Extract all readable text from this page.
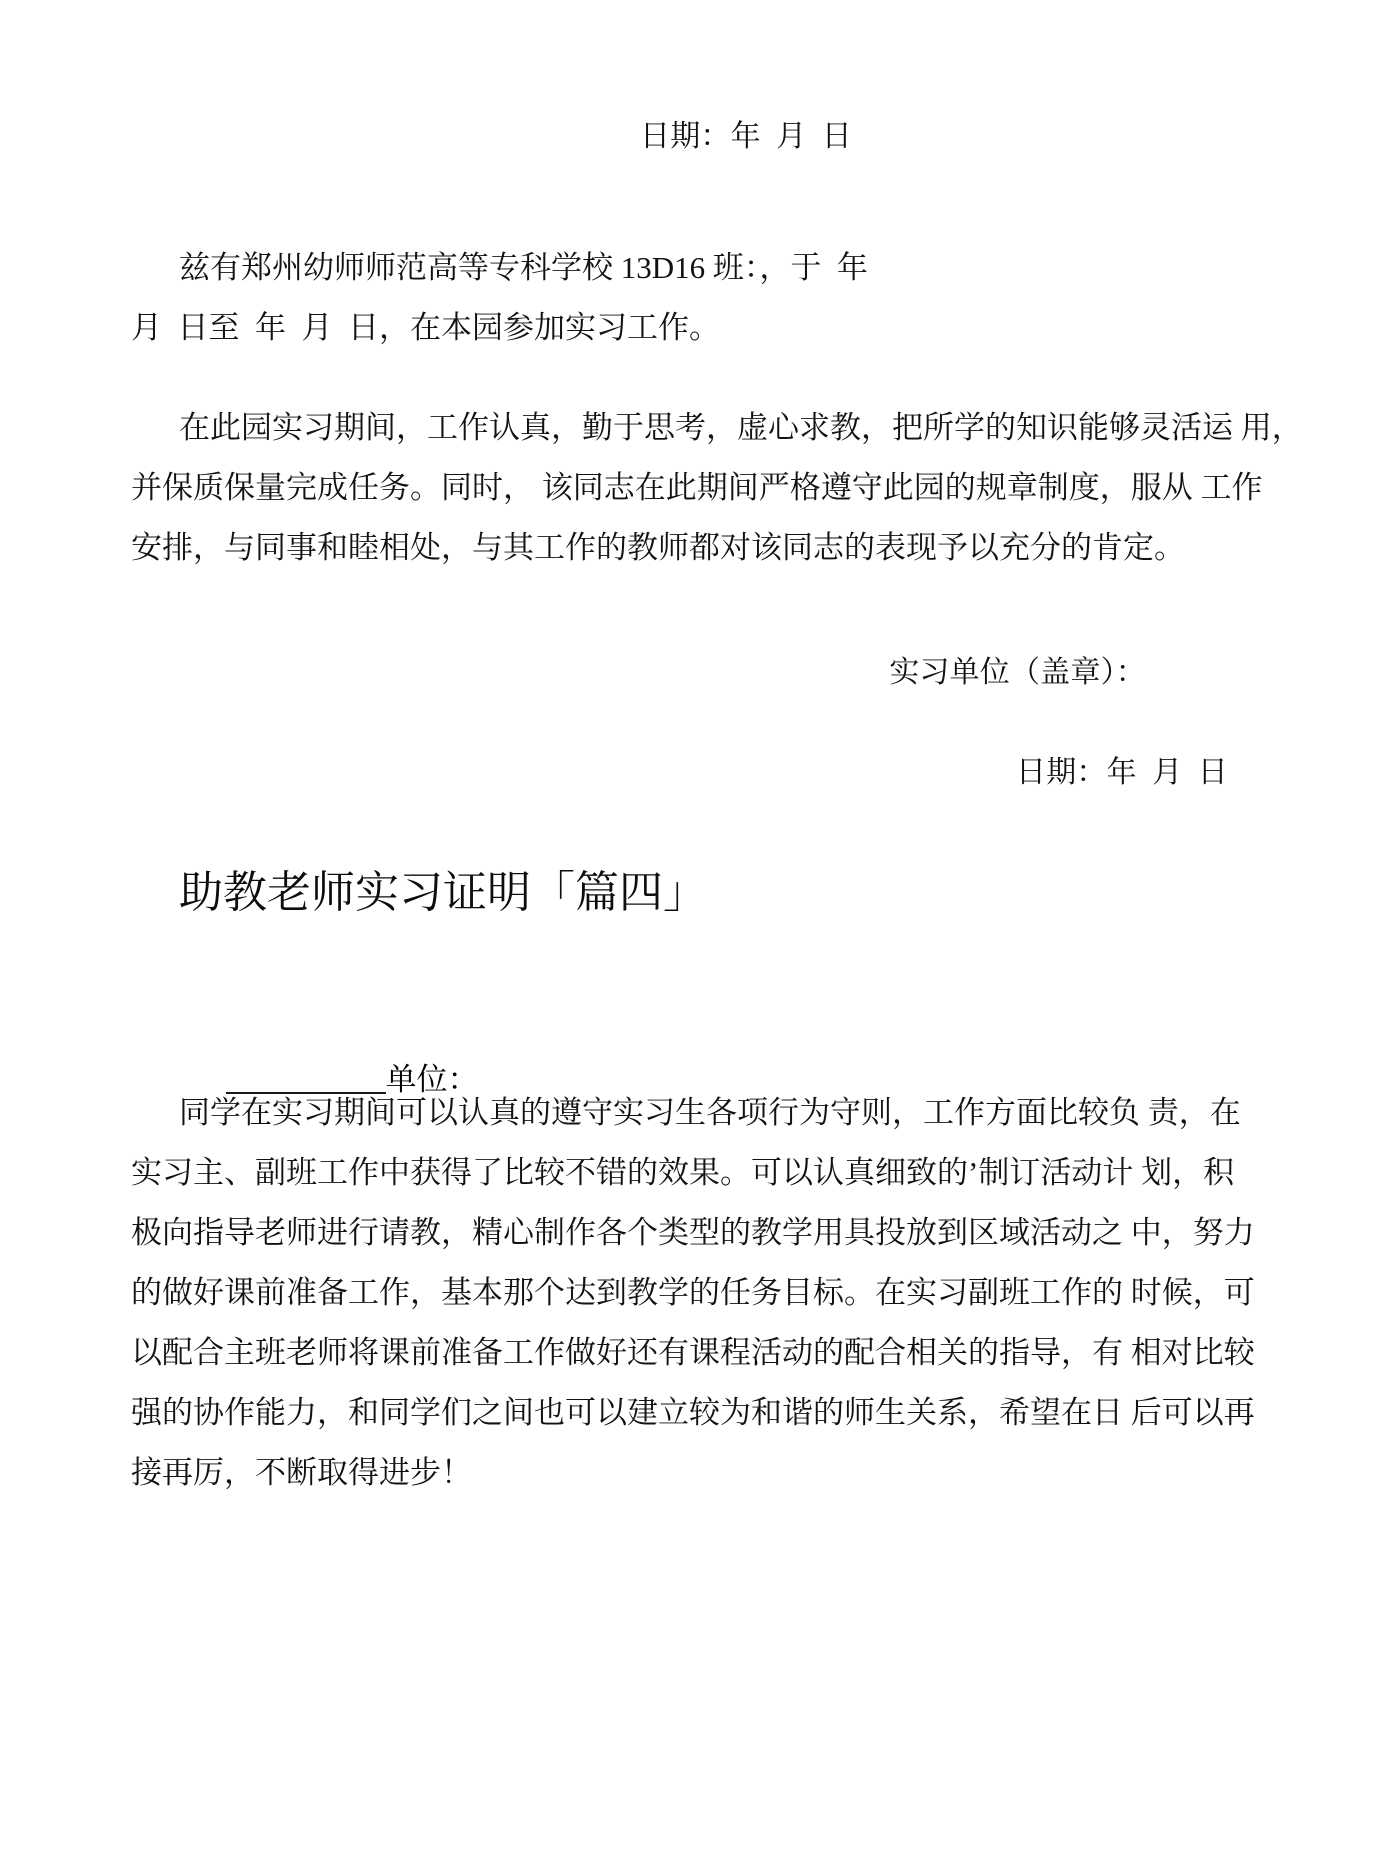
日期：年  月  日
兹有郑州幼师师范高等专科学校 13D16 班：，于  年
月  日至  年  月  日，在本园参加实习工作。
在此园实习期间，工作认真，勤于思考，虚心求教，把所学的知识能够灵活运 用，
并保质保量完成任务。同时， 该同志在此期间严格遵守此园的规章制度，服从 工作
安排，与同事和睦相处，与其工作的教师都对该同志的表现予以充分的肯定。
实习单位（盖章）：
日期：年  月  日
助教老师实习证明「篇四」

单位：

同学在实习期间可以认真的遵守实习生各项行为守则，工作方面比较负 责，在
实习主、副班工作中获得了比较不错的效果。可以认真细致的’制订活动计 划，积
极向指导老师进行请教，精心制作各个类型的教学用具投放到区域活动之 中，努力
的做好课前准备工作，基本那个达到教学的任务目标。在实习副班工作的 时候，可
以配合主班老师将课前准备工作做好还有课程活动的配合相关的指导，有 相对比较
强的协作能力，和同学们之间也可以建立较为和谐的师生关系，希望在日 后可以再
接再厉，不断取得进步！
